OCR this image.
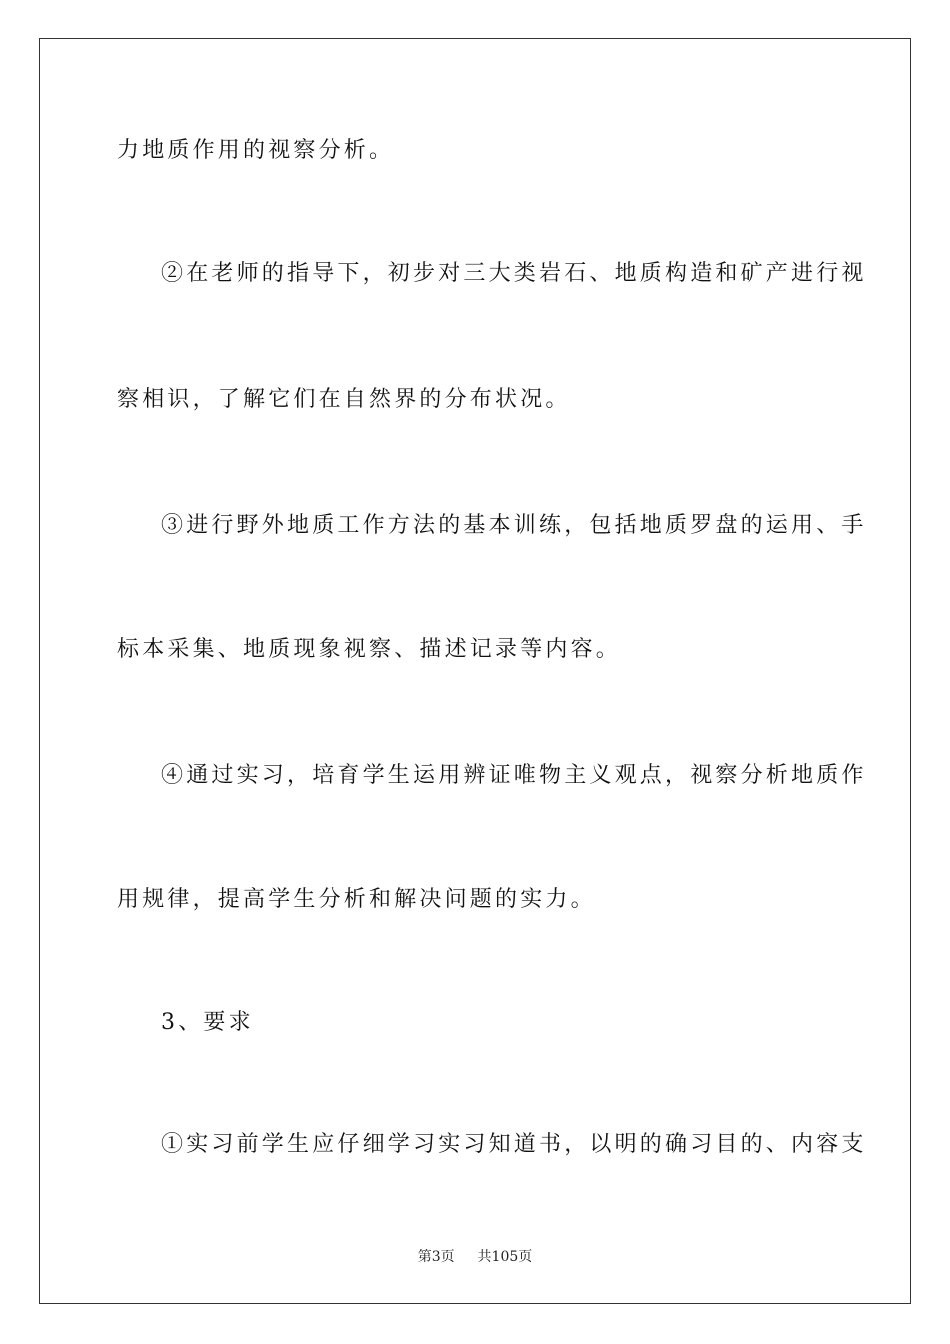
力地质作用的视察分析。
②在老师的指导下，初步对三大类岩石、地质构造和矿产进行视
察相识，了解它们在自然界的分布状况。
③进行野外地质工作方法的基本训练，包括地质罗盘的运用、手
标本采集、地质现象视察、描述记录等内容。
④通过实习，培育学生运用辨证唯物主义观点，视察分析地质作
用规律，提高学生分析和解决问题的实力。
3、要求
①实习前学生应仔细学习实习知道书，以明的确习目的、内容支
第3页 共105页
